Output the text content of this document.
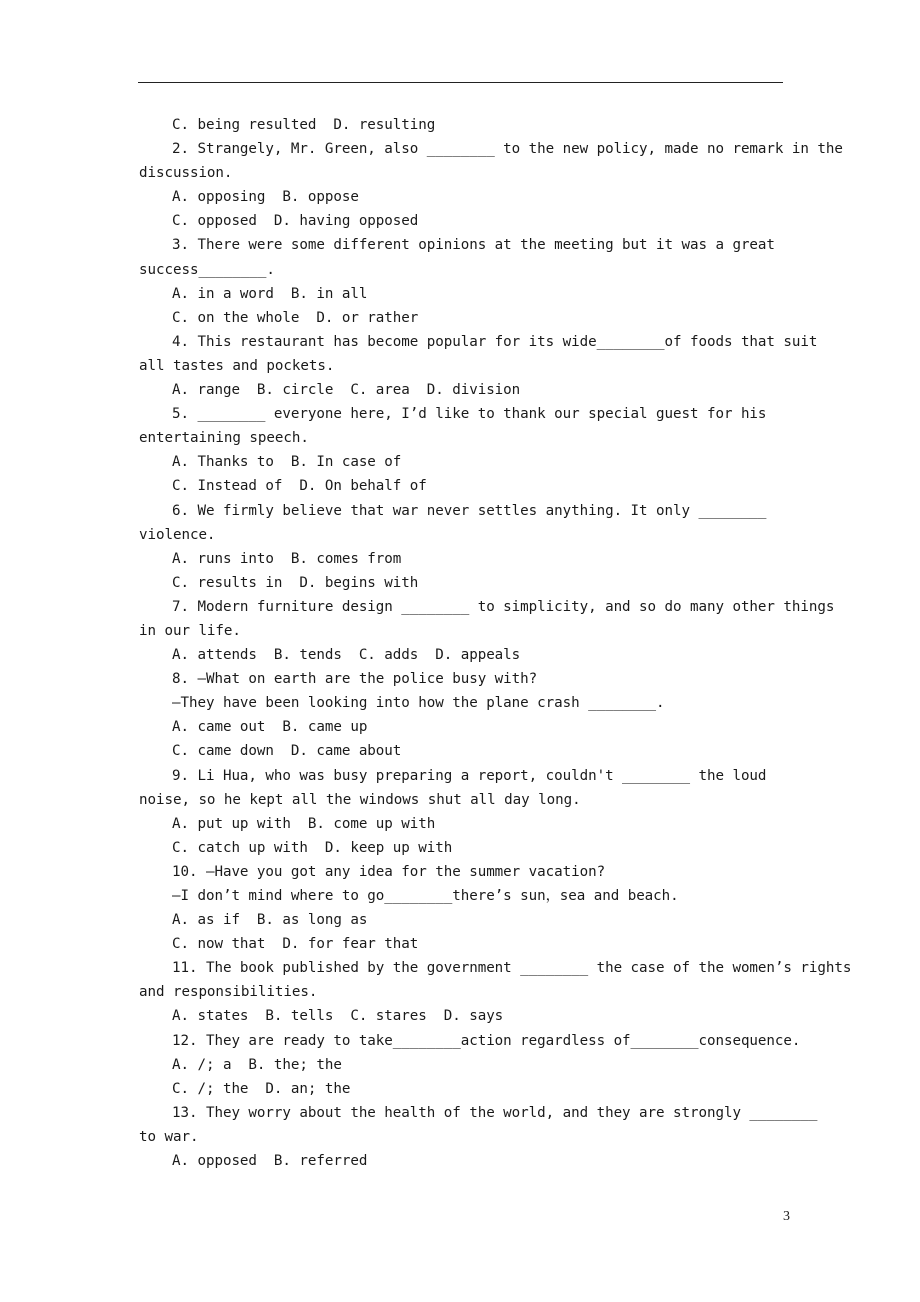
C. being resulted  D. resulting
2. Strangely, Mr. Green, also ________ to the new policy, made no remark in the
discussion.
A. opposing  B. oppose
C. opposed  D. having opposed
3. There were some different opinions at the meeting but it was a great
success________.
A. in a word  B. in all
C. on the whole  D. or rather
4. This restaurant has become popular for its wide________of foods that suit
all tastes and pockets.
A. range  B. circle  C. area  D. division
5. ________ everyone here, I’d like to thank our special guest for his
entertaining speech.
A. Thanks to  B. In case of
C. Instead of  D. On behalf of
6. We firmly believe that war never settles anything. It only ________
violence.
A. runs into  B. comes from
C. results in  D. begins with
7. Modern furniture design ________ to simplicity, and so do many other things
in our life.
A. attends  B. tends  C. adds  D. appeals
8. —What on earth are the police busy with?
—They have been looking into how the plane crash ________.
A. came out  B. came up
C. came down  D. came about
9. Li Hua, who was busy preparing a report, couldn't ________ the loud
noise, so he kept all the windows shut all day long.
A. put up with  B. come up with
C. catch up with  D. keep up with
10. —Have you got any idea for the summer vacation?
—I don’t mind where to go________there’s sun，sea and beach.
A. as if  B. as long as
C. now that  D. for fear that
11. The book published by the government ________ the case of the women’s rights
and responsibilities.
A. states  B. tells  C. stares  D. says
12. They are ready to take________action regardless of________consequence.
A. /; a  B. the; the
C. /; the  D. an; the
13. They worry about the health of the world, and they are strongly ________
to war.
A. opposed  B. referred
3
